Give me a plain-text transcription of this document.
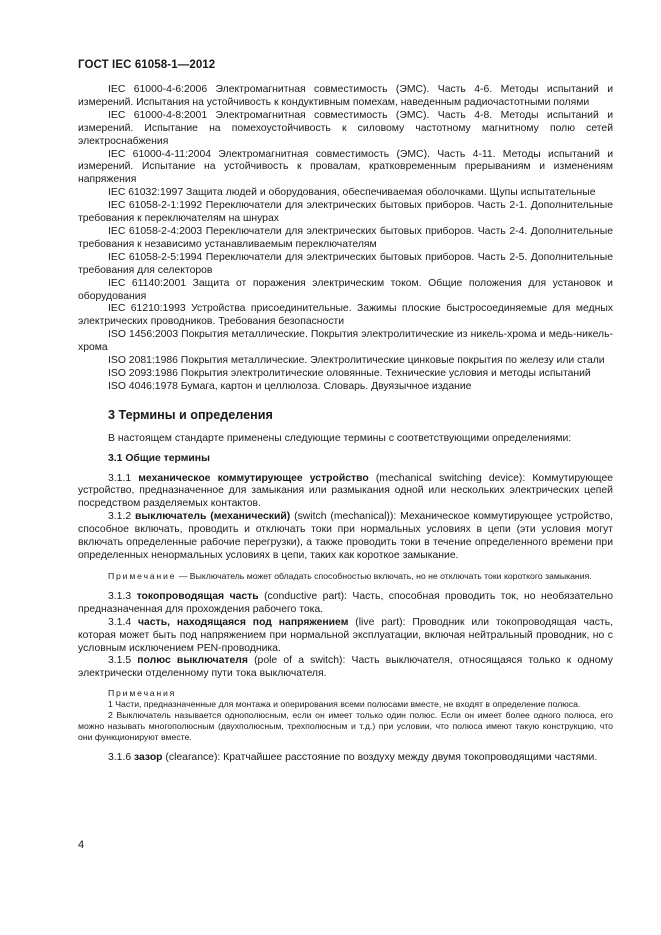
ГОСТ IEC 61058-1—2012

IEC 61000-4-6:2006 Электромагнитная совместимость (ЭМС). Часть 4-6. Методы испытаний и измерений. Испытания на устойчивость к кондуктивным помехам, наведенным радиочастотными полями

IEC 61000-4-8:2001 Электромагнитная совместимость (ЭМС). Часть 4-8. Методы испытаний и измерений. Испытание на помехоустойчивость к силовому частотному магнитному полю сетей электроснабжения

IEC 61000-4-11:2004 Электромагнитная совместимость (ЭМС). Часть 4-11. Методы испытаний и измерений. Испытание на устойчивость к провалам, кратковременным прерываниям и изменениям напряжения

IEC 61032:1997 Защита людей и оборудования, обеспечиваемая оболочками. Щупы испытательные

IEC 61058-2-1:1992 Переключатели для электрических бытовых приборов. Часть 2-1. Дополнительные требования к переключателям на шнурах

IEC 61058-2-4:2003 Переключатели для электрических бытовых приборов. Часть 2-4. Дополнительные требования к независимо устанавливаемым переключателям

IEC 61058-2-5:1994 Переключатели для электрических бытовых приборов. Часть 2-5. Дополнительные требования для селекторов

IEC 61140:2001 Защита от поражения электрическим током. Общие положения для установок и оборудования

IEC 61210:1993 Устройства присоединительные. Зажимы плоские быстросоединяемые для медных электрических проводников. Требования безопасности

ISO 1456:2003 Покрытия металлические. Покрытия электролитические из никель-хрома и медь-никель-хрома

ISO 2081:1986 Покрытия металлические. Электролитические цинковые покрытия по железу или стали

ISO 2093:1986 Покрытия электролитические оловянные. Технические условия и методы испытаний

ISO 4046:1978 Бумага, картон и целлюлоза. Словарь. Двуязычное издание

3 Термины и определения

В настоящем стандарте применены следующие термины с соответствующими определениями:

3.1 Общие термины

3.1.1 механическое коммутирующее устройство (mechanical switching device): Коммутирующее устройство, предназначенное для замыкания или размыкания одной или нескольких электрических цепей посредством разделяемых контактов.

3.1.2 выключатель (механический) (switch (mechanical)): Механическое коммутирующее устройство, способное включать, проводить и отключать токи при нормальных условиях в цепи (эти условия могут включать определенные рабочие перегрузки), а также проводить токи в течение определенного времени при определенных ненормальных условиях в цепи, таких как короткое замыкание.

Примечание — Выключатель может обладать способностью включать, но не отключать токи короткого замыкания.

3.1.3 токопроводящая часть (conductive part): Часть, способная проводить ток, но необязательно предназначенная для прохождения рабочего тока.

3.1.4 часть, находящаяся под напряжением (live part): Проводник или токопроводящая часть, которая может быть под напряжением при нормальной эксплуатации, включая нейтральный проводник, но с условным исключением PEN-проводника.

3.1.5 полюс выключателя (pole of a switch): Часть выключателя, относящаяся только к одному электрически отделенному пути тока выключателя.

Примечания

1 Части, предназначенные для монтажа и оперирования всеми полюсами вместе, не входят в определение полюса.

2 Выключатель называется однополюсным, если он имеет только один полюс. Если он имеет более одного полюса, его можно называть многополюсным (двухполюсным, трехполюсным и т.д.) при условии, что полюса имеют такую конструкцию, что они функционируют вместе.

3.1.6 зазор (clearance): Кратчайшее расстояние по воздуху между двумя токопроводящими частями.

4
